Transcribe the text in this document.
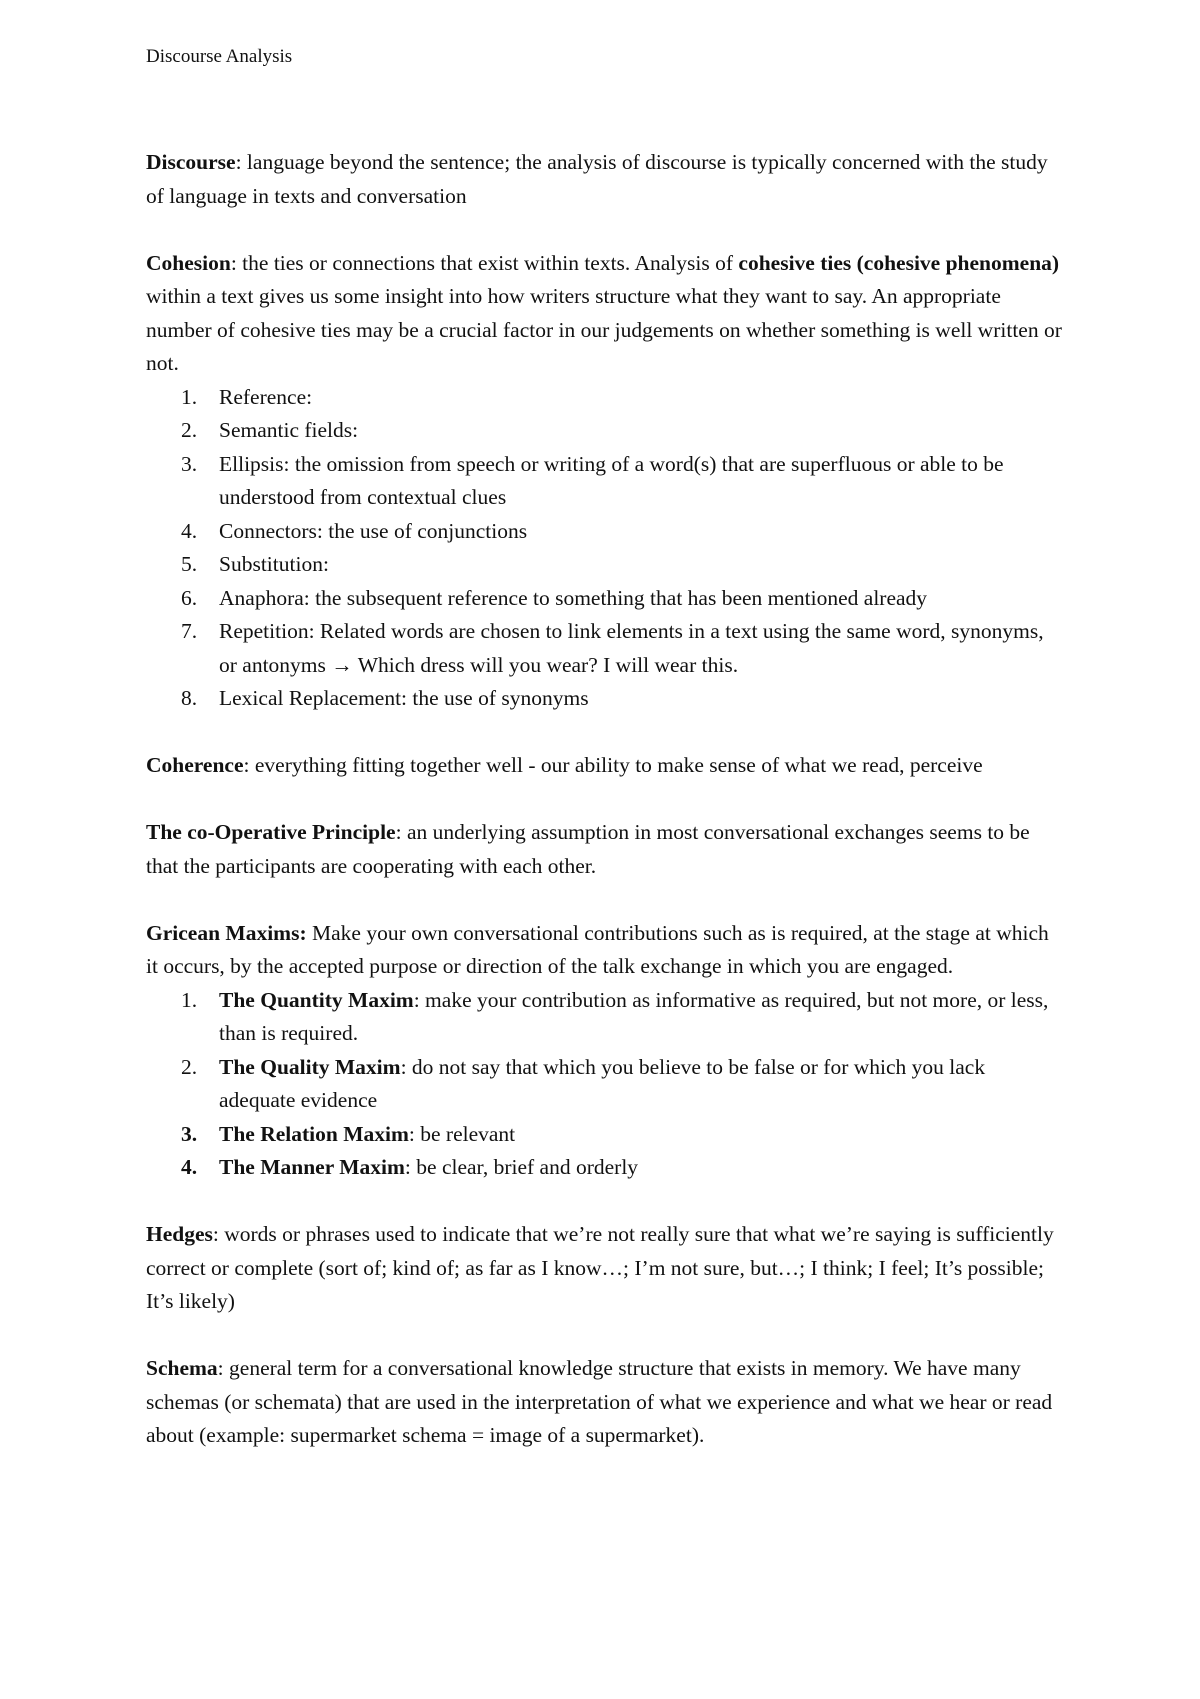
Discourse Analysis

Discourse: language beyond the sentence; the analysis of discourse is typically concerned with the study of language in texts and conversation

Cohesion: the ties or connections that exist within texts. Analysis of cohesive ties (cohesive phenomena) within a text gives us some insight into how writers structure what they want to say. An appropriate number of cohesive ties may be a crucial factor in our judgements on whether something is well written or not.

1. Reference:
2. Semantic fields:
3. Ellipsis: the omission from speech or writing of a word(s) that are superfluous or able to be understood from contextual clues
4. Connectors: the use of conjunctions
5. Substitution:
6. Anaphora: the subsequent reference to something that has been mentioned already
7. Repetition: Related words are chosen to link elements in a text using the same word, synonyms, or antonyms → Which dress will you wear? I will wear this.
8. Lexical Replacement: the use of synonyms

Coherence: everything fitting together well - our ability to make sense of what we read, perceive

The co-Operative Principle: an underlying assumption in most conversational exchanges seems to be that the participants are cooperating with each other.

Gricean Maxims: Make your own conversational contributions such as is required, at the stage at which it occurs, by the accepted purpose or direction of the talk exchange in which you are engaged.

1. The Quantity Maxim: make your contribution as informative as required, but not more, or less, than is required.
2. The Quality Maxim: do not say that which you believe to be false or for which you lack adequate evidence
3. The Relation Maxim: be relevant
4. The Manner Maxim: be clear, brief and orderly

Hedges: words or phrases used to indicate that we’re not really sure that what we’re saying is sufficiently correct or complete (sort of; kind of; as far as I know…; I’m not sure, but…; I think; I feel; It’s possible; It’s likely)

Schema: general term for a conversational knowledge structure that exists in memory. We have many schemas (or schemata) that are used in the interpretation of what we experience and what we hear or read about (example: supermarket schema = image of a supermarket).
